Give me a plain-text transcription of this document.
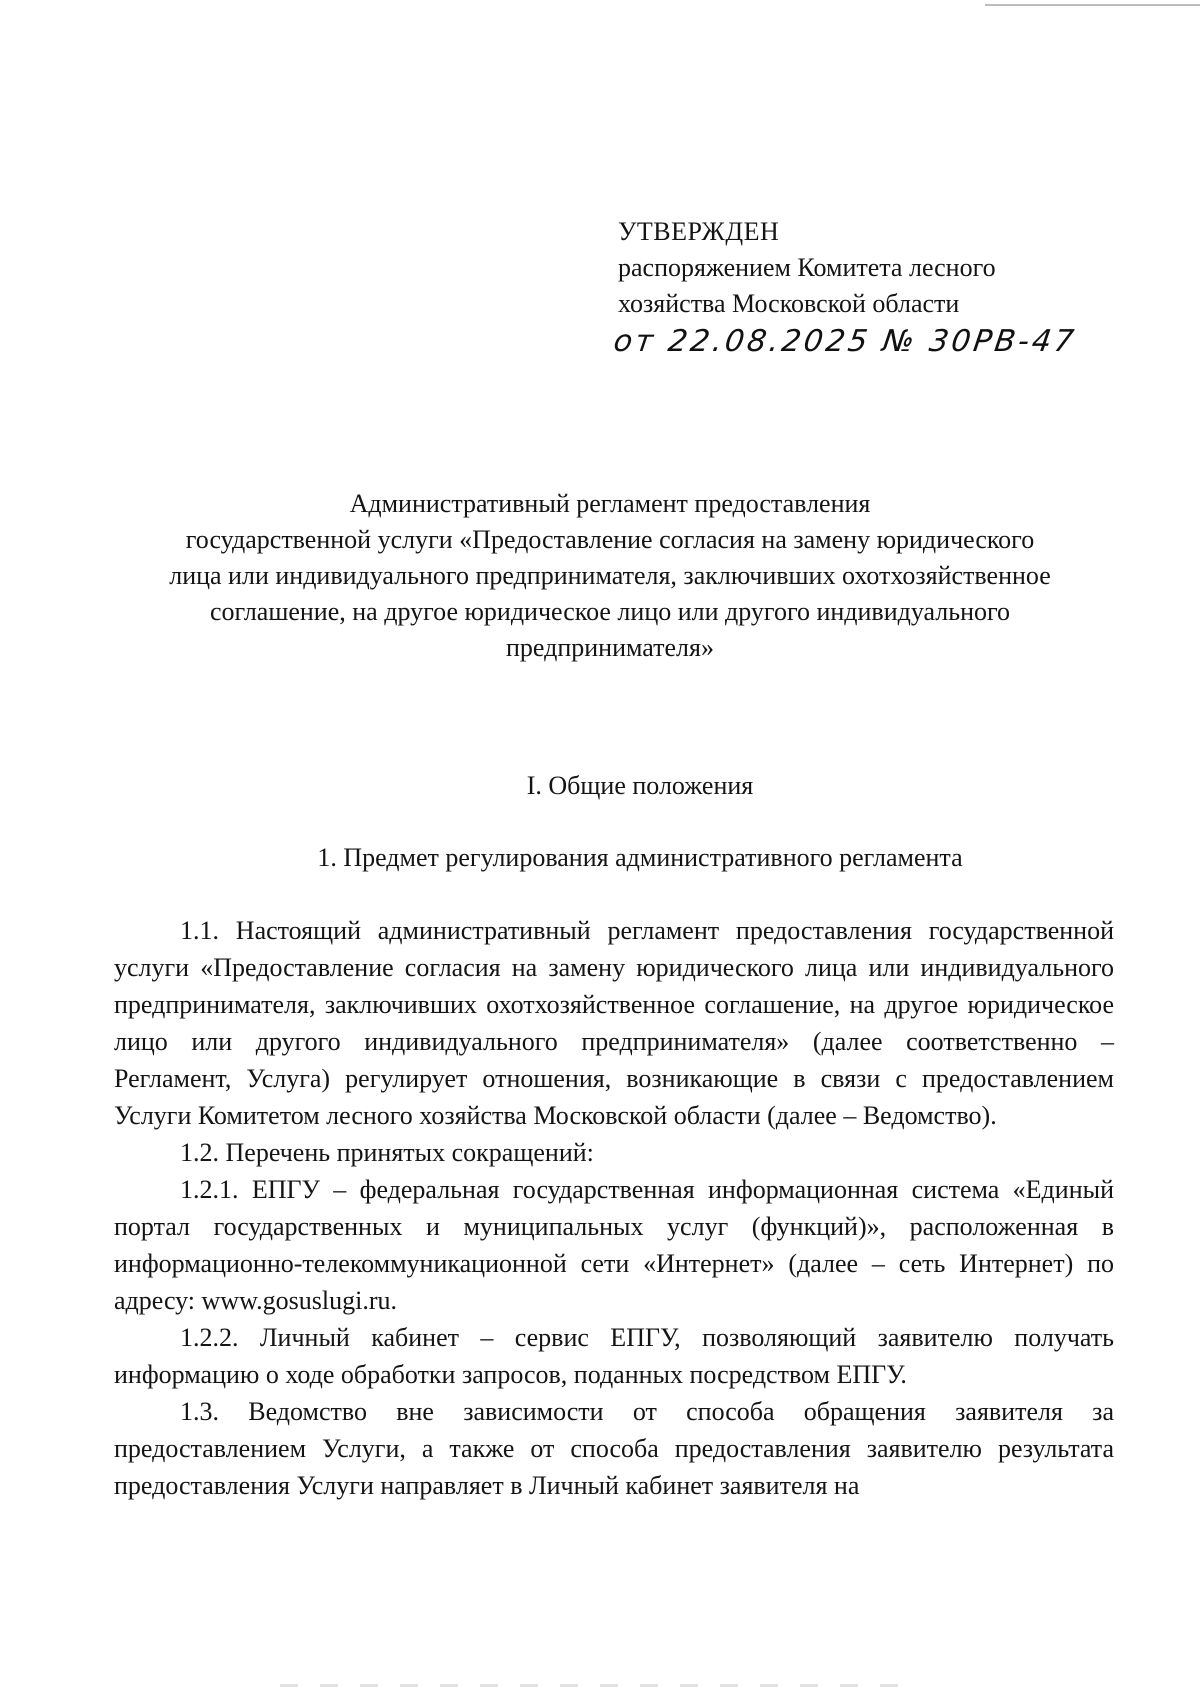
УТВЕРЖДЕН
распоряжением Комитета лесного
хозяйства Московской области
от 22.08.2025 № 30РВ-47
Административный регламент предоставления
государственной услуги «Предоставление согласия на замену юридического
лица или индивидуального предпринимателя, заключивших охотхозяйственное
соглашение, на другое юридическое лицо или другого индивидуального
предпринимателя»
I. Общие положения
1. Предмет регулирования административного регламента

1.1. Настоящий административный регламент предоставления государственной услуги «Предоставление согласия на замену юридического лица или индивидуального предпринимателя, заключивших охотхозяйственное соглашение, на другое юридическое лицо или другого индивидуального предпринимателя» (далее соответственно – Регламент, Услуга) регулирует отношения, возникающие в связи с предоставлением Услуги Комитетом лесного хозяйства Московской области (далее – Ведомство).

1.2. Перечень принятых сокращений:

1.2.1. ЕПГУ – федеральная государственная информационная система «Единый портал государственных и муниципальных услуг (функций)», расположенная в информационно-телекоммуникационной сети «Интернет» (далее – сеть Интернет) по адресу: www.gosuslugi.ru.

1.2.2. Личный кабинет – сервис ЕПГУ, позволяющий заявителю получать информацию о ходе обработки запросов, поданных посредством ЕПГУ.

1.3. Ведомство вне зависимости от способа обращения заявителя за предоставлением Услуги, а также от способа предоставления заявителю результата предоставления Услуги направляет в Личный кабинет заявителя на
